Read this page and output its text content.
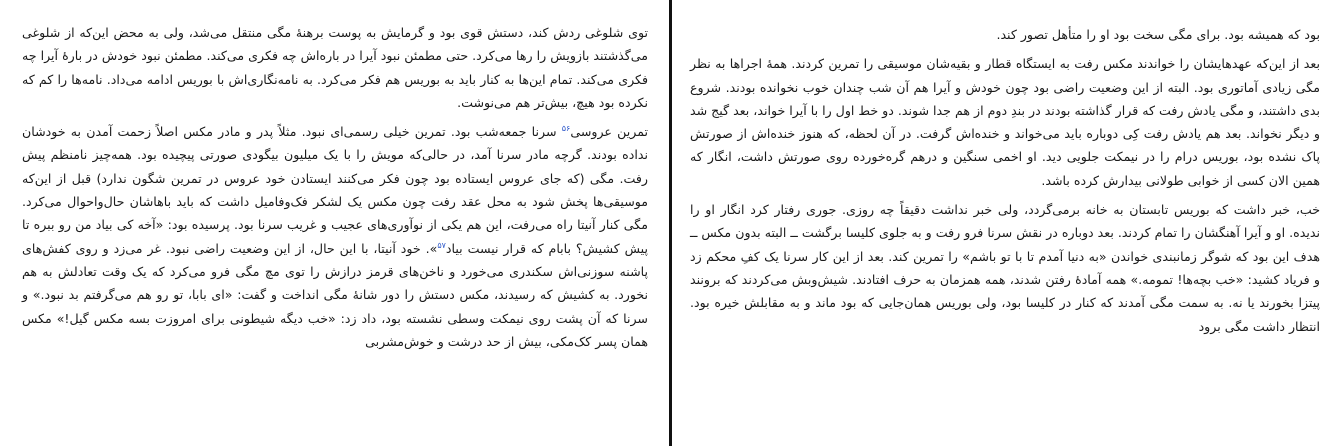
توی شلوغی ردش کند، دستش قوی بود و گرمایش به پوست برهنهٔ مگی منتقل می‌شد، ولی به محض این‌که از شلوغی می‌گذشتند بازویش را رها می‌کرد. حتی مطمئن نبود آیرا در باره‌اش چه فکری می‌کند. مطمئن نبود خودش در بارهٔ آیرا چه فکری می‌کند. تمام این‌ها به کنار باید به بوریس هم فکر می‌کرد. به نامه‌نگاری‌اش با بوریس ادامه می‌داد. نامه‌ها را کم که نکرده بود هیچ، بیش‌تر هم می‌نوشت.

تمرین عروسی$^{۵۶}$ سرنا جمعه‌شب بود. تمرین خیلی رسمی‌ای نبود. مثلاً پدر و مادر مکس اصلاً زحمت آمدن به خودشان نداده بودند. گرچه مادر سرنا آمد، در حالی‌که مویش را با یک میلیون بیگودی صورتی پیچیده بود. همه‌چیز نامنظم پیش رفت. مگی (که جای عروس ایستاده بود چون فکر می‌کنند ایستادن خود عروس در تمرین شگون ندارد) قبل از این‌که موسیقی‌ها پخش شود به محل عقد رفت چون مکس یک لشکر فک‌وفامیل داشت که باید باهاشان حال‌واحوال می‌کرد. مگی کنار آنیتا راه می‌رفت، این هم یکی از نوآوری‌های عجیب و غریب سرنا بود. پرسیده بود: «آخه کی بیاد من رو ببره تا پیش کشیش؟ بابام که قرار نیست بیاد$^{۵۷}$». خود آنیتا، با این حال، از این وضعیت راضی نبود. غر می‌زد و روی کفش‌های پاشنه سوزنی‌اش سکندری می‌خورد و ناخن‌های قرمز درازش را توی مچ مگی فرو می‌کرد که یک وقت تعادلش به هم نخورد. به کشیش که رسیدند، مکس دستش را دور شانهٔ مگی انداخت و گفت: «ای بابا، تو رو هم می‌گرفتم بد نبود.» و سرنا که آن پشت روی نیمکت وسطی نشسته بود، داد زد: «خب دیگه شیطونی برای امروزت بسه مکس گیل!» مکس همان پسر کک‌مکی، بیش از حد درشت و خوش‌مشربی

بود که همیشه بود. برای مگی سخت بود او را متأهل تصور کند.

بعد از این‌که عهدهایشان را خواندند مکس رفت به ایستگاه قطار و بقیه‌شان موسیقی را تمرین کردند. همهٔ اجراها به نظر مگی زیادی آماتوری بود. البته از این وضعیت راضی بود چون خودش و آیرا هم آن شب چندان خوب نخوانده بودند. شروع بدی داشتند، و مگی یادش رفت که قرار گذاشته بودند در بندِ دوم از هم جدا شوند. دو خط اول را با آیرا خواند، بعد گیج شد و دیگر نخواند. بعد هم یادش رفت کِی دوباره باید می‌خواند و خنده‌اش گرفت. در آن لحظه، که هنوز خنده‌اش از صورتش پاک نشده بود، بوریس درام را در نیمکت جلویی دید. او اخمی سنگین و درهم گره‌خورده روی صورتش داشت، انگار که همین الان کسی از خوابی طولانی بیدارش کرده باشد.

خب، خبر داشت که بوریس تابستان به خانه برمی‌گردد، ولی خبر نداشت دقیقاً چه روزی. جوری رفتار کرد انگار او را ندیده. او و آیرا آهنگشان را تمام کردند. بعد دوباره در نقش سرنا فرو رفت و به جلوی کلیسا برگشت ــ البته بدون مکس ــ هدف این بود که شوگر زمانبندی خواندن «به دنیا آمدم تا با تو باشم» را تمرین کند. بعد از این کار سرنا یک کفِ محکم زد و فریاد کشید: «خب بچه‌ها! تمومه.» همه آمادهٔ رفتن شدند، همه همزمان به حرف افتادند. شیش‌وبش می‌کردند که برونند پیتزا بخورند یا نه. به سمت مگی آمدند که کنار در کلیسا بود، ولی بوریس همان‌جایی که بود ماند و به مقابلش خیره بود. انتظار داشت مگی برود
